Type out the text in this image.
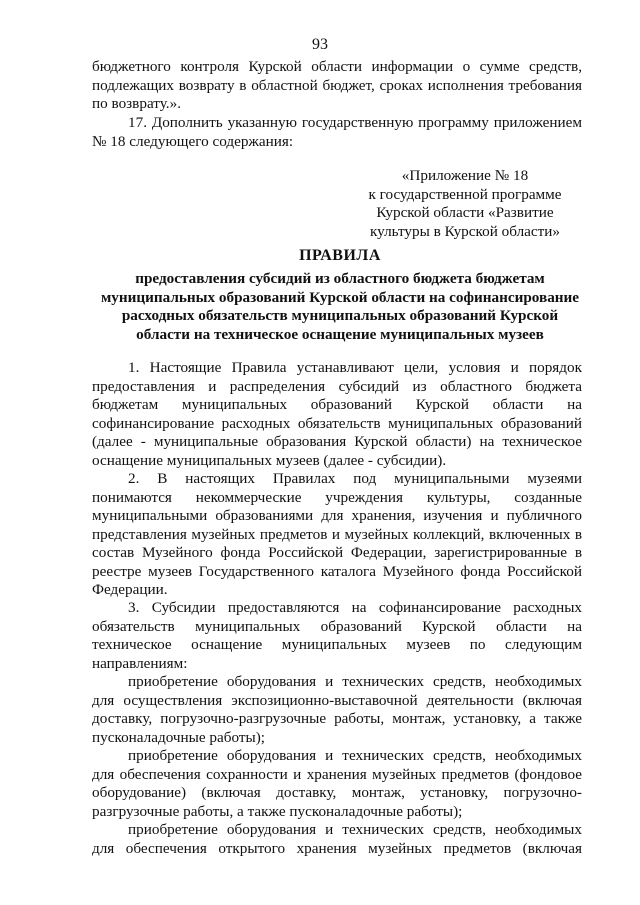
93

бюджетного контроля Курской области информации о сумме средств,

подлежащих возврату в областной бюджет, сроках исполнения требования

по возврату.».

17. Дополнить указанную государственную программу приложением

№ 18 следующего содержания:

«Приложение № 18
к государственной программе
Курской области «Развитие
культуры в Курской области»
ПРАВИЛА
предоставления субсидий из областного бюджета бюджетам
муниципальных образований Курской области на софинансирование
расходных обязательств муниципальных образований Курской
области на техническое оснащение муниципальных музеев

1. Настоящие Правила устанавливают цели, условия и порядок

предоставления и распределения субсидий из областного бюджета

бюджетам муниципальных образований Курской области на

софинансирование расходных обязательств муниципальных образований

(далее - муниципальные образования Курской области) на техническое

оснащение муниципальных музеев (далее - субсидии).

2. В настоящих Правилах под муниципальными музеями

понимаются некоммерческие учреждения культуры, созданные

муниципальными образованиями для хранения, изучения и публичного

представления музейных предметов и музейных коллекций, включенных в

состав Музейного фонда Российской Федерации, зарегистрированные в

реестре музеев Государственного каталога Музейного фонда Российской

Федерации.

3. Субсидии предоставляются на софинансирование расходных

обязательств муниципальных образований Курской области на

техническое оснащение муниципальных музеев по следующим

направлениям:

приобретение оборудования и технических средств, необходимых

для осуществления экспозиционно-выставочной деятельности (включая

доставку, погрузочно-разгрузочные работы, монтаж, установку, а также

пусконаладочные работы);

приобретение оборудования и технических средств, необходимых

для обеспечения сохранности и хранения музейных предметов (фондовое

оборудование) (включая доставку, монтаж, установку, погрузочно-

разгрузочные работы, а также пусконаладочные работы);

приобретение оборудования и технических средств, необходимых

для обеспечения открытого хранения музейных предметов (включая
